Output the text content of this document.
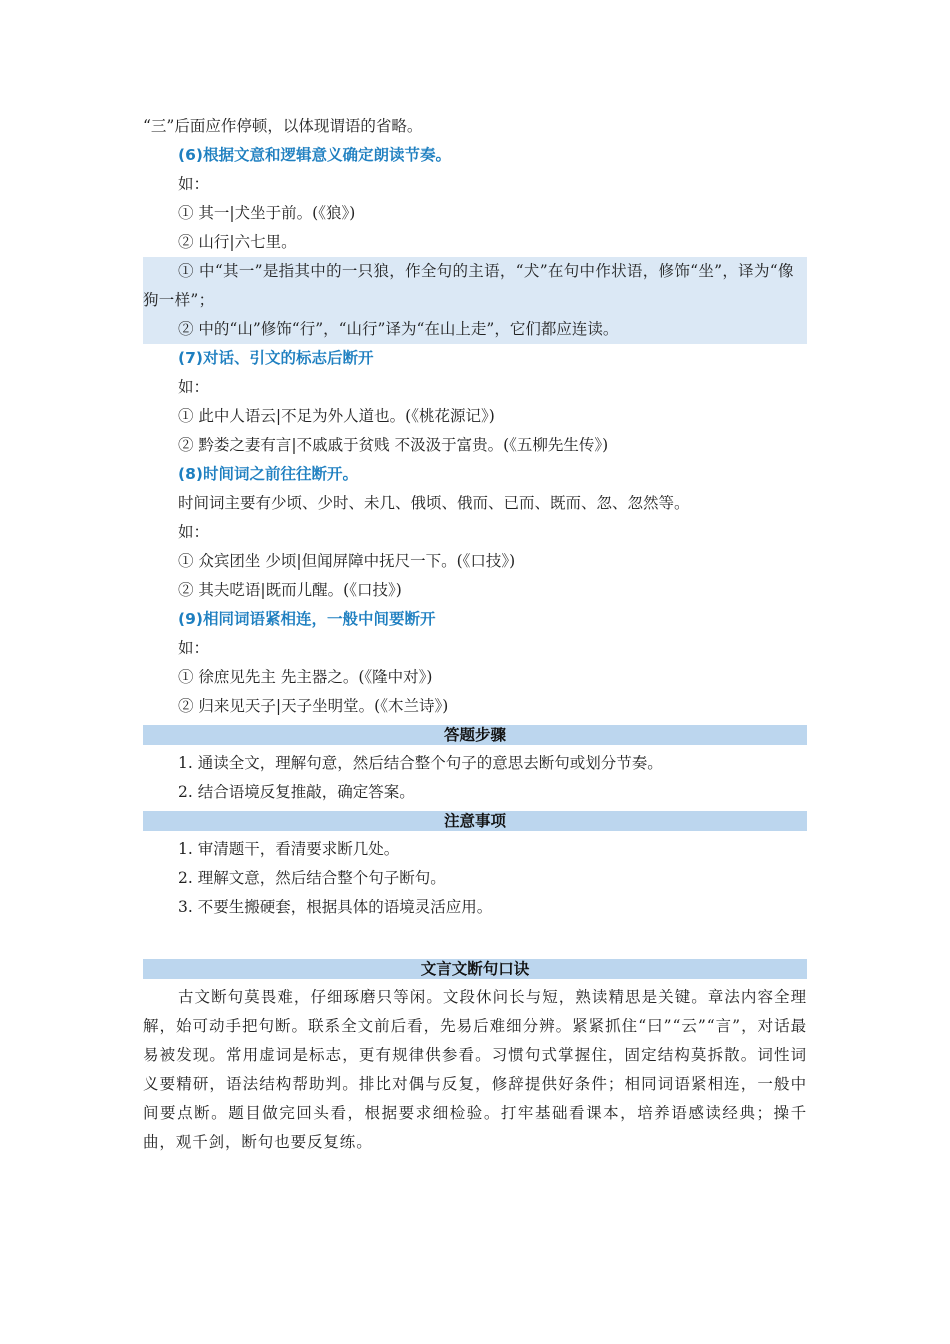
“三”后面应作停顿，以体现谓语的省略。
(6)根据文意和逻辑意义确定朗读节奏。
如：
① 其一|犬坐于前。(《狼》)
② 山行|六七里。
① 中“其一”是指其中的一只狼，作全句的主语，“犬”在句中作状语，修饰“坐”，译为“像狗一样”；
② 中的“山”修饰“行”，“山行”译为“在山上走”，它们都应连读。
(7)对话、引文的标志后断开
如：
① 此中人语云|不足为外人道也。(《桃花源记》)
② 黔娄之妻有言|不戚戚于贫贱 不汲汲于富贵。(《五柳先生传》)
(8)时间词之前往往断开。
时间词主要有少顷、少时、未几、俄顷、俄而、已而、既而、忽、忽然等。
如：
① 众宾团坐 少顷|但闻屏障中抚尺一下。(《口技》)
② 其夫呓语|既而儿醒。(《口技》)
(9)相同词语紧相连，一般中间要断开
如：
① 徐庶见先主 先主器之。(《隆中对》)
② 归来见天子|天子坐明堂。(《木兰诗》)
答题步骤
1. 通读全文，理解句意，然后结合整个句子的意思去断句或划分节奏。
2. 结合语境反复推敲，确定答案。
注意事项
1. 审清题干，看清要求断几处。
2. 理解文意，然后结合整个句子断句。
3. 不要生搬硬套，根据具体的语境灵活应用。
文言文断句口诀
古文断句莫畏难，仔细琢磨只等闲。文段休问长与短，熟读精思是关键。章法内容全理解，始可动手把句断。联系全文前后看，先易后难细分辨。紧紧抓住“曰”“云”“言”，对话最易被发现。常用虚词是标志，更有规律供参看。习惯句式掌握住，固定结构莫拆散。词性词义要精研，语法结构帮助判。排比对偶与反复，修辞提供好条件；相同词语紧相连，一般中间要点断。题目做完回头看，根据要求细检验。打牢基础看课本，培养语感读经典；操千曲，观千剑，断句也要反复练。
